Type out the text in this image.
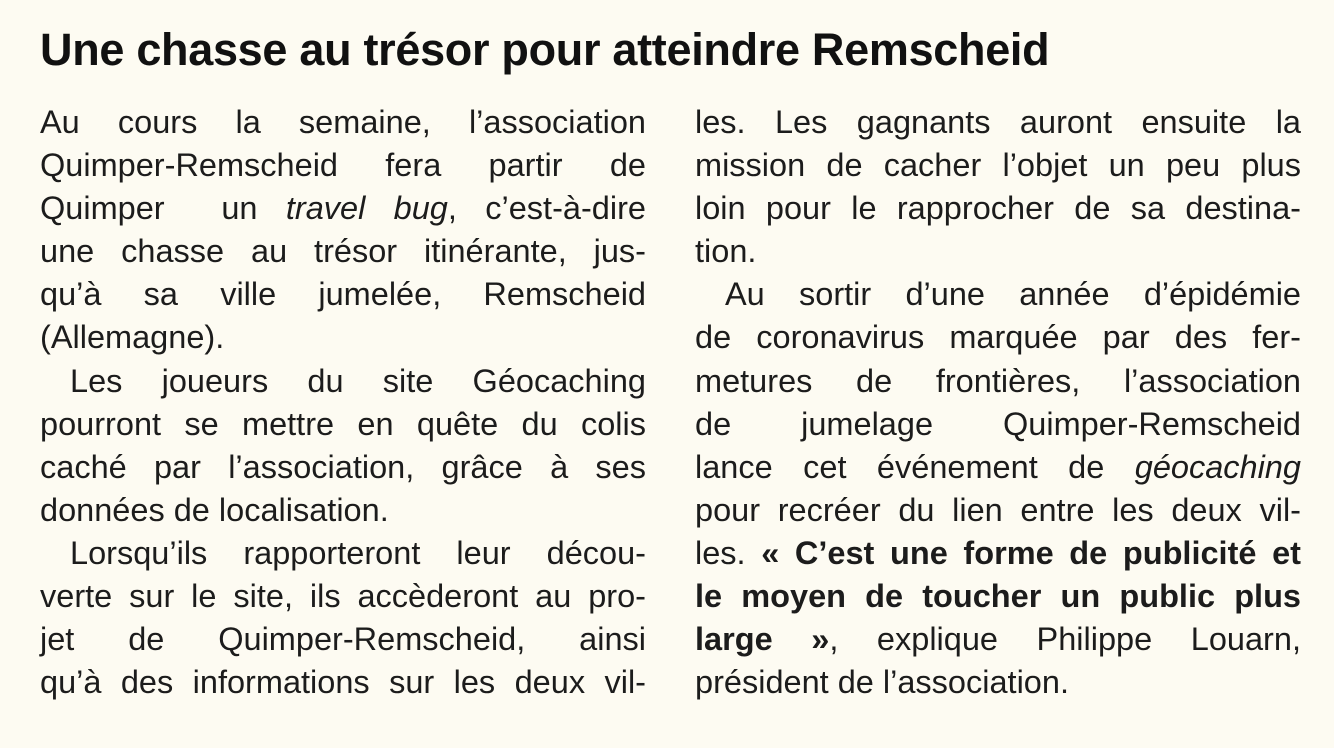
Une chasse au trésor pour atteindre Remscheid
Au cours la semaine, l’association
Quimper-Remscheid fera partir de
Quimper un travel bug, c’est-à-dire
une chasse au trésor itinérante, jus-
qu’à sa ville jumelée, Remscheid
(Allemagne).
Les joueurs du site Géocaching
pourront se mettre en quête du colis
caché par l’association, grâce à ses
données de localisation.
Lorsqu’ils rapporteront leur décou-
verte sur le site, ils accèderont au pro-
jet de Quimper-Remscheid, ainsi
qu’à des informations sur les deux vil-
les. Les gagnants auront ensuite la
mission de cacher l’objet un peu plus
loin pour le rapprocher de sa destina-
tion.
Au sortir d’une année d’épidémie
de coronavirus marquée par des fer-
metures de frontières, l’association
de jumelage Quimper-Remscheid
lance cet événement de géocaching
pour recréer du lien entre les deux vil-
les. « C’est une forme de publicité et
le moyen de toucher un public plus
large », explique Philippe Louarn,
président de l’association.
